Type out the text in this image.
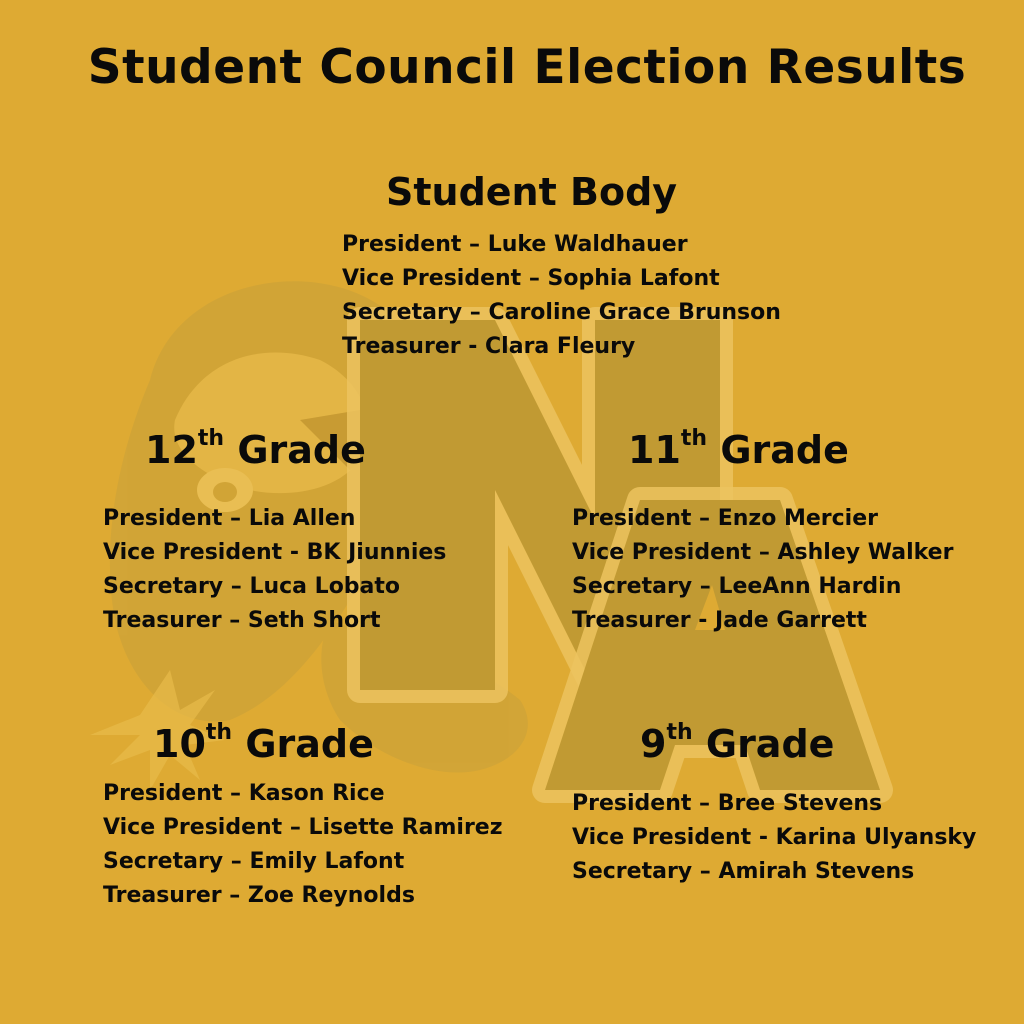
Student Council Election Results
Student Body
President – Luke Waldhauer
Vice President – Sophia Lafont
Secretary – Caroline Grace Brunson
Treasurer - Clara Fleury
12th Grade
President – Lia Allen
Vice President - BK Jiunnies
Secretary – Luca Lobato
Treasurer – Seth Short
11th Grade
President – Enzo Mercier
Vice President – Ashley Walker
Secretary – LeeAnn Hardin
Treasurer - Jade Garrett
10th Grade
President – Kason Rice
Vice President – Lisette Ramirez
Secretary – Emily Lafont
Treasurer – Zoe Reynolds
9th Grade
President – Bree Stevens
Vice President - Karina Ulyansky
Secretary – Amirah Stevens
